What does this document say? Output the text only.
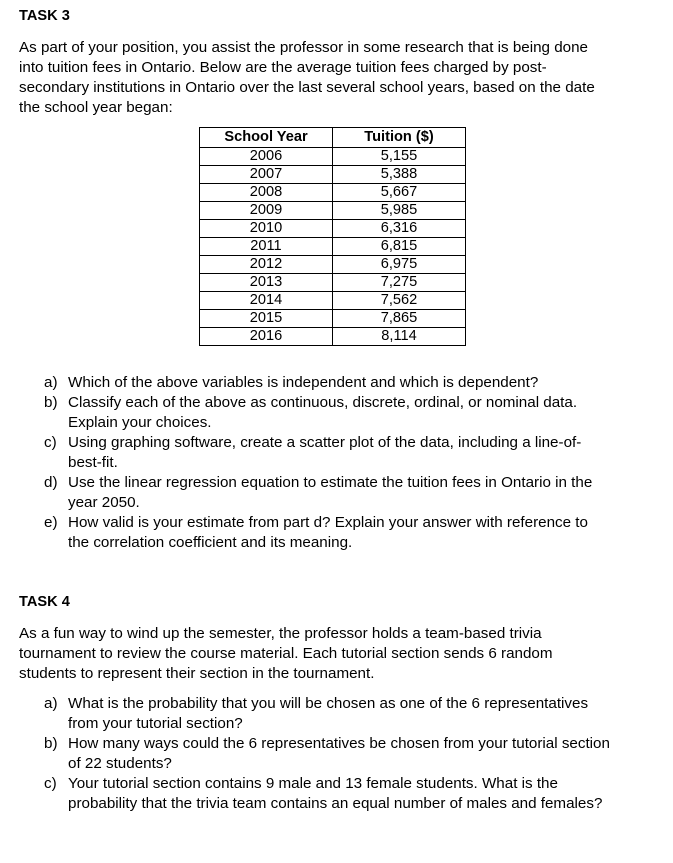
TASK 3
As part of your position, you assist the professor in some research that is being done
into tuition fees in Ontario. Below are the average tuition fees charged by post-
secondary institutions in Ontario over the last several school years, based on the date
the school year began:
School Year	Tuition ($)
2006	5,155
2007	5,388
2008	5,667
2009	5,985
2010	6,316
2011	6,815
2012	6,975
2013	7,275
2014	7,562
2015	7,865
2016	8,114
a) Which of the above variables is independent and which is dependent?
b) Classify each of the above as continuous, discrete, ordinal, or nominal data.
Explain your choices.
c) Using graphing software, create a scatter plot of the data, including a line-of-
best-fit.
d) Use the linear regression equation to estimate the tuition fees in Ontario in the
year 2050.
e) How valid is your estimate from part d? Explain your answer with reference to
the correlation coefficient and its meaning.
TASK 4
As a fun way to wind up the semester, the professor holds a team-based trivia
tournament to review the course material. Each tutorial section sends 6 random
students to represent their section in the tournament.
a) What is the probability that you will be chosen as one of the 6 representatives
from your tutorial section?
b) How many ways could the 6 representatives be chosen from your tutorial section
of 22 students?
c) Your tutorial section contains 9 male and 13 female students. What is the
probability that the trivia team contains an equal number of males and females?
